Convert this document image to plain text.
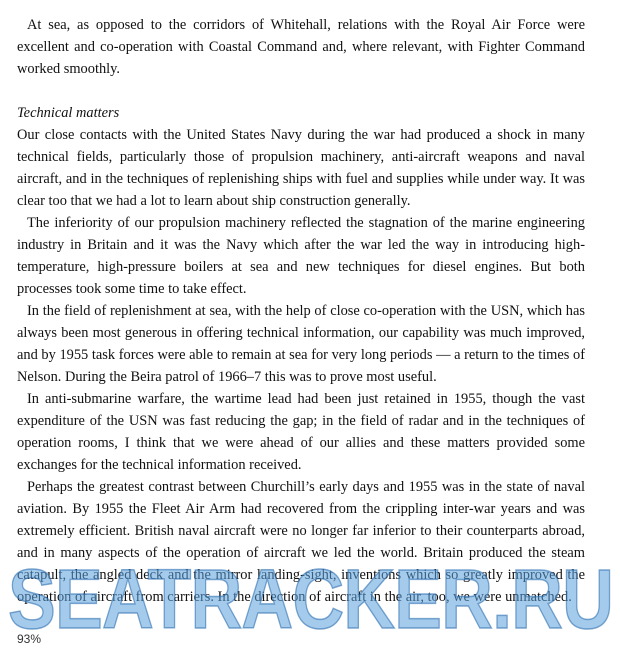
At sea, as opposed to the corridors of Whitehall, relations with the Royal Air Force were excellent and co-operation with Coastal Command and, where relevant, with Fighter Command worked smoothly.

Technical matters

Our close contacts with the United States Navy during the war had produced a shock in many technical fields, particularly those of propulsion machinery, anti-aircraft weapons and naval aircraft, and in the techniques of replenishing ships with fuel and supplies while under way. It was clear too that we had a lot to learn about ship construction generally.

The inferiority of our propulsion machinery reflected the stagnation of the marine engineering industry in Britain and it was the Navy which after the war led the way in introducing high-temperature, high-pressure boilers at sea and new techniques for diesel engines. But both processes took some time to take effect.

In the field of replenishment at sea, with the help of close co-operation with the USN, which has always been most generous in offering technical information, our capability was much improved, and by 1955 task forces were able to remain at sea for very long periods — a return to the times of Nelson. During the Beira patrol of 1966–7 this was to prove most useful.

In anti-submarine warfare, the wartime lead had been just retained in 1955, though the vast expenditure of the USN was fast reducing the gap; in the field of radar and in the techniques of operation rooms, I think that we were ahead of our allies and these matters provided some exchanges for the technical information received.

Perhaps the greatest contrast between Churchill’s early days and 1955 was in the state of naval aviation. By 1955 the Fleet Air Arm had recovered from the crippling inter-war years and was extremely efficient. British naval aircraft were no longer far inferior to their counterparts abroad, and in many aspects of the operation of aircraft we led the world. Britain produced the steam catapult, the angled deck and the mirror landing-sight, inventions which so greatly improved the operation of aircraft from carriers. In the direction of aircraft in the air, too, we were unmatched.

SEATRACKER.RU
93%
